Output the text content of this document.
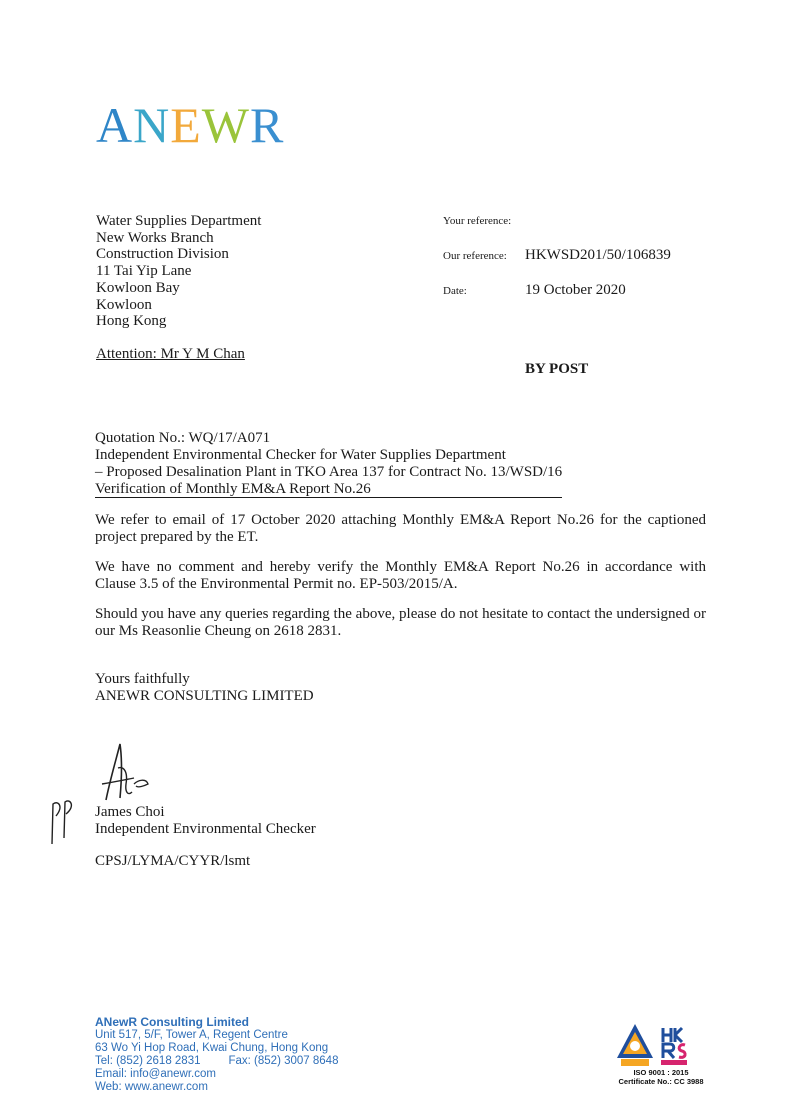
ANEWR
Water Supplies Department
New Works Branch
Construction Division
11 Tai Yip Lane
Kowloon Bay
Kowloon
Hong Kong
Attention: Mr Y M Chan
Your reference:
Our reference: HKWSD201/50/106839
Date:	19 October 2020
BY POST
Quotation No.: WQ/17/A071
Independent Environmental Checker for Water Supplies Department
– Proposed Desalination Plant in TKO Area 137 for Contract No. 13/WSD/16
Verification of Monthly EM&A Report No.26
We refer to email of 17 October 2020 attaching Monthly EM&A Report No.26 for the captioned project prepared by the ET.
We have no comment and hereby verify the Monthly EM&A Report No.26 in accordance with Clause 3.5 of the Environmental Permit no. EP-503/2015/A.
Should you have any queries regarding the above, please do not hesitate to contact the undersigned or our Ms Reasonlie Cheung on 2618 2831.
Yours faithfully
ANEWR CONSULTING LIMITED
James Choi
Independent Environmental Checker
CPSJ/LYMA/CYYR/lsmt
ANewR Consulting Limited
Unit 517, 5/F, Tower A, Regent Centre
63 Wo Yi Hop Road, Kwai Chung, Hong Kong
Tel: (852) 2618 2831 Fax: (852) 3007 8648
Email: info@anewr.com
Web: www.anewr.com
ISO 9001 : 2015
Certificate No.: CC 3988
